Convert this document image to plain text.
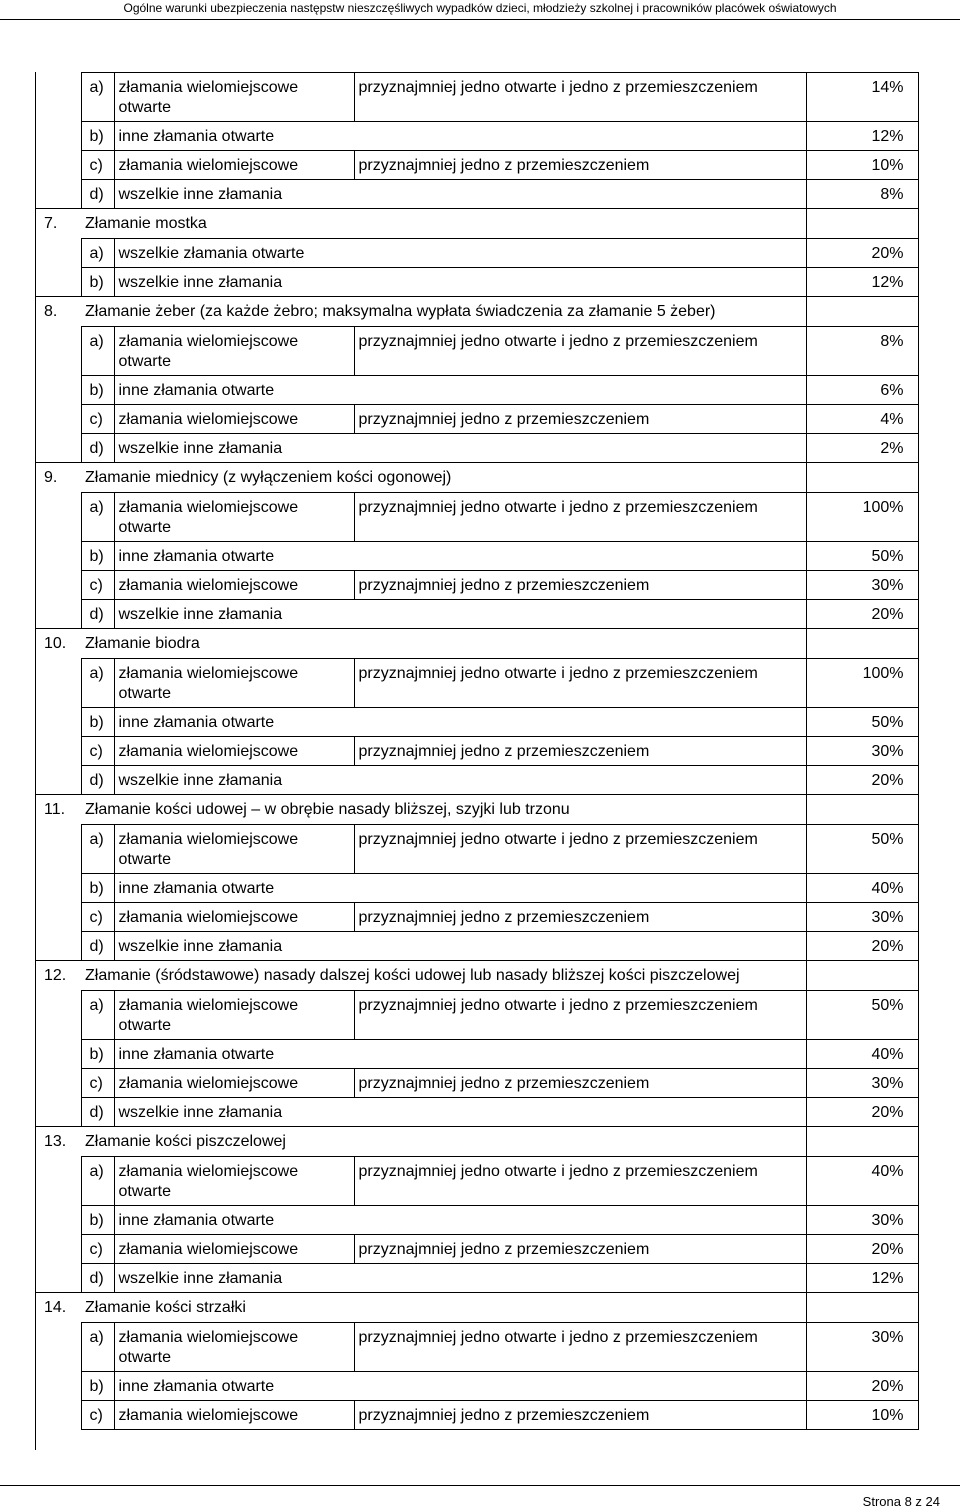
Ogólne warunki ubezpieczenia następstw nieszczęśliwych wypadków dzieci, młodzieży szkolnej i pracowników placówek oświatowych
	a)	złamania wielomiejscowe otwarte	przyznajmniej jedno otwarte i jedno z przemieszczeniem	14%
	b)	inne złamania otwarte		12%
	c)	złamania wielomiejscowe	przyznajmniej jedno z przemieszczeniem	10%
	d)	wszelkie inne złamania		8%
7.	Złamanie mostka			
	a)	wszelkie złamania otwarte		20%
	b)	wszelkie inne złamania		12%
8.	Złamanie żeber (za każde żebro; maksymalna wypłata świadczenia za złamanie 5 żeber)			
	a)	złamania wielomiejscowe otwarte	przyznajmniej jedno otwarte i jedno z przemieszczeniem	8%
	b)	inne złamania otwarte		6%
	c)	złamania wielomiejscowe	przyznajmniej jedno z przemieszczeniem	4%
	d)	wszelkie inne złamania		2%
9.	Złamanie miednicy (z wyłączeniem kości ogonowej)			
	a)	złamania wielomiejscowe otwarte	przyznajmniej jedno otwarte i jedno z przemieszczeniem	100%
	b)	inne złamania otwarte		50%
	c)	złamania wielomiejscowe	przyznajmniej jedno z przemieszczeniem	30%
	d)	wszelkie inne złamania		20%
10.	Złamanie biodra			
	a)	złamania wielomiejscowe otwarte	przyznajmniej jedno otwarte i jedno z przemieszczeniem	100%
	b)	inne złamania otwarte		50%
	c)	złamania wielomiejscowe	przyznajmniej jedno z przemieszczeniem	30%
	d)	wszelkie inne złamania		20%
11.	Złamanie kości udowej – w obrębie nasady bliższej, szyjki lub trzonu			
	a)	złamania wielomiejscowe otwarte	przyznajmniej jedno otwarte i jedno z przemieszczeniem	50%
	b)	inne złamania otwarte		40%
	c)	złamania wielomiejscowe	przyznajmniej jedno z przemieszczeniem	30%
	d)	wszelkie inne złamania		20%
12.	Złamanie (śródstawowe) nasady dalszej kości udowej lub nasady bliższej kości piszczelowej			
	a)	złamania wielomiejscowe otwarte	przyznajmniej jedno otwarte i jedno z przemieszczeniem	50%
	b)	inne złamania otwarte		40%
	c)	złamania wielomiejscowe	przyznajmniej jedno z przemieszczeniem	30%
	d)	wszelkie inne złamania		20%
13.	Złamanie kości piszczelowej			
	a)	złamania wielomiejscowe otwarte	przyznajmniej jedno otwarte i jedno z przemieszczeniem	40%
	b)	inne złamania otwarte		30%
	c)	złamania wielomiejscowe	przyznajmniej jedno z przemieszczeniem	20%
	d)	wszelkie inne złamania		12%
14.	Złamanie kości strzałki			
	a)	złamania wielomiejscowe otwarte	przyznajmniej jedno otwarte i jedno z przemieszczeniem	30%
	b)	inne złamania otwarte		20%
	c)	złamania wielomiejscowe	przyznajmniej jedno z przemieszczeniem	10%
Strona 8 z 24
